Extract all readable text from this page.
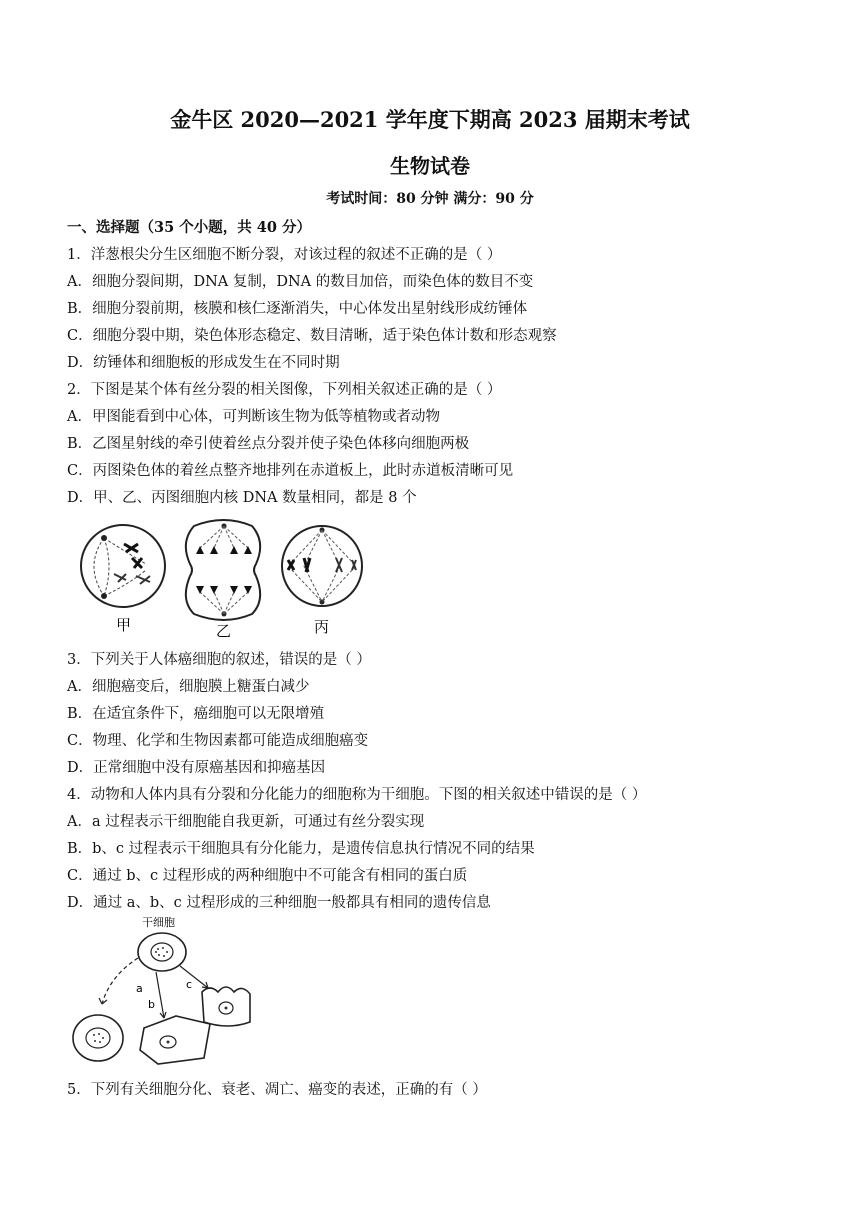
金牛区 2020—2021 学年度下期高 2023 届期末考试
生物试卷
考试时间：80 分钟 满分：90 分
一、选择题（35 个小题，共 40 分）
1．洋葱根尖分生区细胞不断分裂，对该过程的叙述不正确的是（ ）
A．细胞分裂间期，DNA 复制，DNA 的数目加倍，而染色体的数目不变
B．细胞分裂前期，核膜和核仁逐渐消失，中心体发出星射线形成纺锤体
C．细胞分裂中期，染色体形态稳定、数目清晰，适于染色体计数和形态观察
D．纺锤体和细胞板的形成发生在不同时期
2．下图是某个体有丝分裂的相关图像，下列相关叙述正确的是（ ）
A．甲图能看到中心体，可判断该生物为低等植物或者动物
B．乙图星射线的牵引使着丝点分裂并使子染色体移向细胞两极
C．丙图染色体的着丝点整齐地排列在赤道板上，此时赤道板清晰可见
D．甲、乙、丙图细胞内核 DNA 数量相同，都是 8 个
甲	乙	丙
3．下列关于人体癌细胞的叙述，错误的是（ ）
A．细胞癌变后，细胞膜上糖蛋白减少
B．在适宜条件下，癌细胞可以无限增殖
C．物理、化学和生物因素都可能造成细胞癌变
D．正常细胞中没有原癌基因和抑癌基因
4．动物和人体内具有分裂和分化能力的细胞称为干细胞。下图的相关叙述中错误的是（ ）
A．a 过程表示干细胞能自我更新，可通过有丝分裂实现
B．b、c 过程表示干细胞具有分化能力，是遗传信息执行情况不同的结果
C．通过 b、c 过程形成的两种细胞中不可能含有相同的蛋白质
D．通过 a、b、c 过程形成的三种细胞一般都具有相同的遗传信息
干细胞
a
b
c
5．下列有关细胞分化、衰老、凋亡、癌变的表述，正确的有（ ）
